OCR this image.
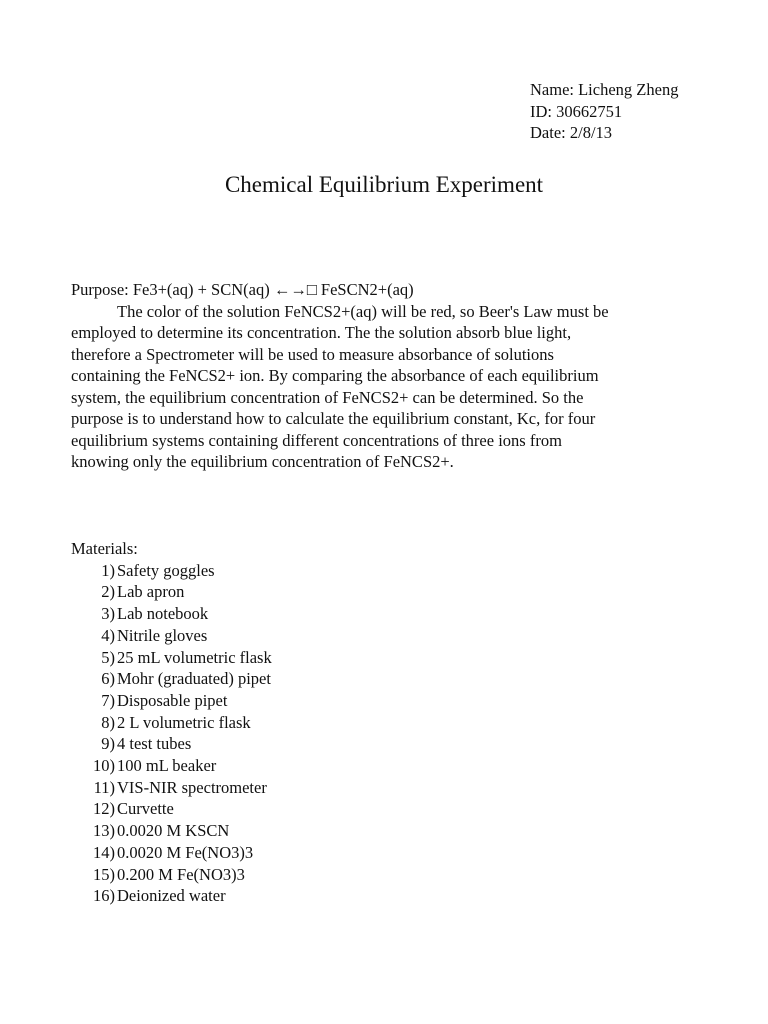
Name: Licheng Zheng
ID: 30662751
Date: 2/8/13
Chemical Equilibrium Experiment
Purpose: Fe3+(aq) + SCN(aq) ←→□ FeSCN2+(aq)
The color of the solution FeNCS2+(aq) will be red, so Beer's Law must be
employed to determine its concentration. The the solution absorb blue light,
therefore a Spectrometer will be used to measure absorbance of solutions
containing the FeNCS2+ ion. By comparing the absorbance of each equilibrium
system, the equilibrium concentration of FeNCS2+ can be determined. So the
purpose is to understand how to calculate the equilibrium constant, Kc, for four
equilibrium systems containing different concentrations of three ions from
knowing only the equilibrium concentration of FeNCS2+.
Materials:
1) Safety goggles
2) Lab apron
3) Lab notebook
4) Nitrile gloves
5) 25 mL volumetric flask
6) Mohr (graduated) pipet
7) Disposable pipet
8) 2 L volumetric flask
9) 4 test tubes
10) 100 mL beaker
11) VIS-NIR spectrometer
12) Curvette
13) 0.0020 M KSCN
14) 0.0020 M Fe(NO3)3
15) 0.200 M Fe(NO3)3
16) Deionized water
